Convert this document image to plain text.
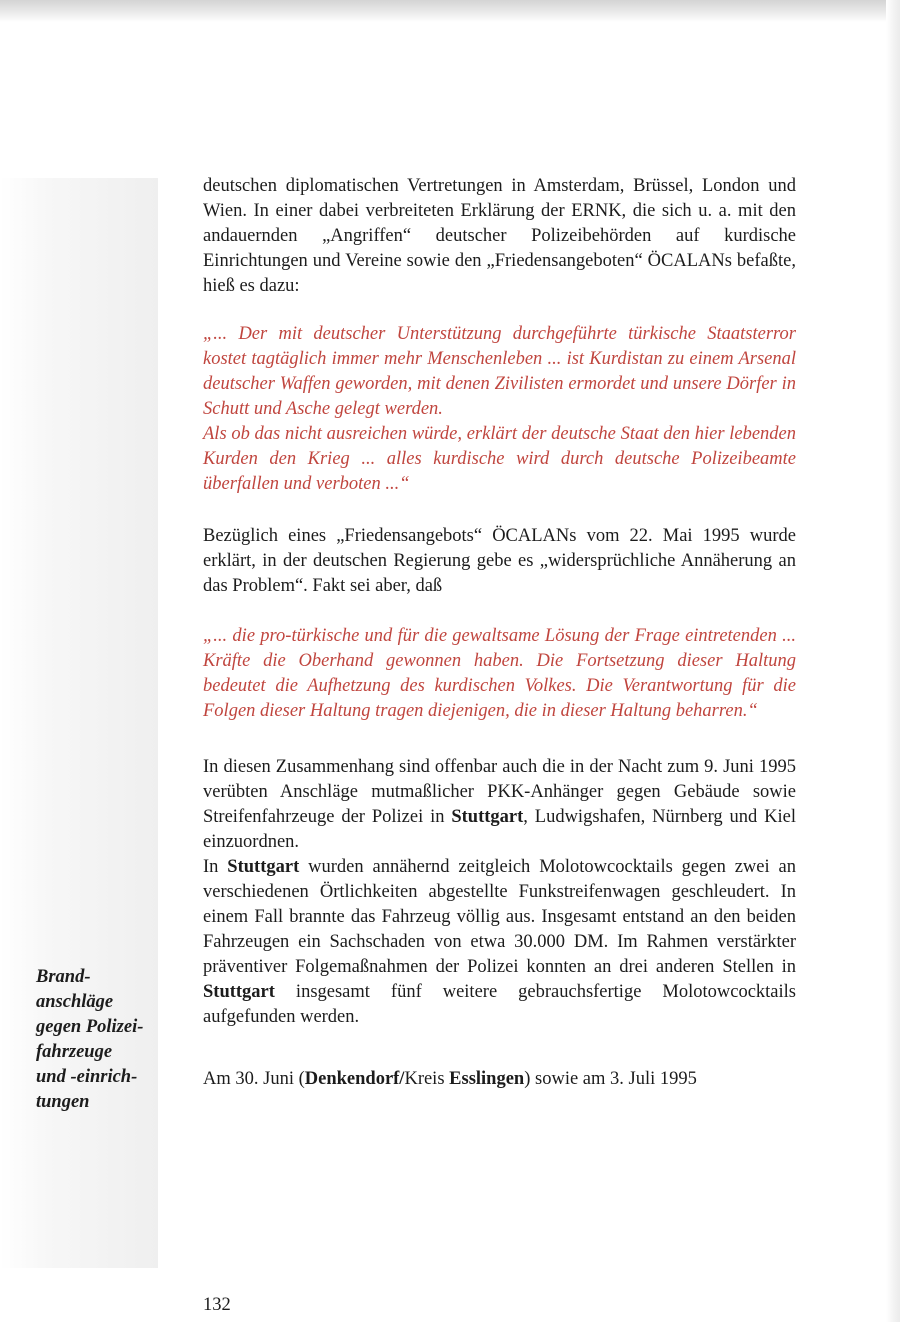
deutschen diplomatischen Vertretungen in Amsterdam, Brüssel, London und Wien. In einer dabei verbreiteten Erklärung der ERNK, die sich u. a. mit den andauernden „Angriffen“ deutscher Polizeibehörden auf kurdische Einrichtungen und Vereine sowie den „Friedensangeboten“ ÖCALANs befaßte, hieß es dazu:

„... Der mit deutscher Unterstützung durchgeführte türkische Staatsterror kostet tagtäglich immer mehr Menschenleben ... ist Kurdistan zu einem Arsenal deutscher Waffen geworden, mit denen Zivilisten ermordet und unsere Dörfer in Schutt und Asche gelegt werden.

Als ob das nicht ausreichen würde, erklärt der deutsche Staat den hier lebenden Kurden den Krieg ... alles kurdische wird durch deutsche Polizeibeamte überfallen und verboten ...“

Bezüglich eines „Friedensangebots“ ÖCALANs vom 22. Mai 1995 wurde erklärt, in der deutschen Regierung gebe es „widersprüchliche Annäherung an das Problem“. Fakt sei aber, daß

„... die pro-türkische und für die gewaltsame Lösung der Frage eintretenden ... Kräfte die Oberhand gewonnen haben. Die Fortsetzung dieser Haltung bedeutet die Aufhetzung des kurdischen Volkes. Die Verantwortung für die Folgen dieser Haltung tragen diejenigen, die in dieser Haltung beharren.“

In diesen Zusammenhang sind offenbar auch die in der Nacht zum 9. Juni 1995 verübten Anschläge mutmaßlicher PKK-Anhänger gegen Gebäude sowie Streifenfahrzeuge der Polizei in Stuttgart, Ludwigshafen, Nürnberg und Kiel einzuordnen.

In Stuttgart wurden annähernd zeitgleich Molotowcocktails gegen zwei an verschiedenen Örtlichkeiten abgestellte Funkstreifenwagen geschleudert. In einem Fall brannte das Fahrzeug völlig aus. Insgesamt entstand an den beiden Fahrzeugen ein Sachschaden von etwa 30.000 DM. Im Rahmen verstärkter präventiver Folgemaßnahmen der Polizei konnten an drei anderen Stellen in Stuttgart insgesamt fünf weitere gebrauchsfertige Molotowcocktails aufgefunden werden.

Am 30. Juni (Denkendorf/Kreis Esslingen) sowie am 3. Juli 1995

Brand-
anschläge
gegen Polizei-
fahrzeuge
und -einrich-
tungen
132
